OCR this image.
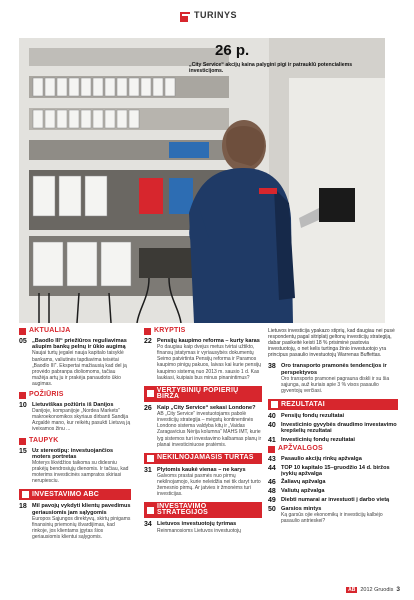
TURINYS
26 p.
„City Service“ akcijų kaina palygini pigi ir patrauklū potencialiems investicijoms.
AKTUALIJA
05 „Baodlo III“ priežiūros reguliavimas ašupim bankų pelnų ir ūkio augimą
Naujai turtų jegalei nauja kapitalo taisyklė bankams, valiutinės tapdiavima teisėtai „Baodlo III“. Ekspertai mažiausią kad del ją provėdo pabranpa dioliomoms, tačiau mažėja artų ju ir prakėja panaudoto ūkio augimas.
POŽIŪRIS
10 Lietuviškas požiūris iš Danijos
Danijoje, kompanijoje „Nordea Markets“ makroekonomikos skyriaus dirbanti Sandija Azgaldė mano, kur reikėtų pasukti Lietuvą ją iveixamos žinu ...
TAUPYK
15 Uz stereotipų: investuojančios moters portretas
Moterys likvidžios taikoma su didesniu prakėjų bendrosiųjų dienomis. Ir tačiau, kad moterims investicinės sampratos skiriasi nerupiesciu.
INVESTAVIMO ABC
18 Mil pavojų vykdyti klientų pavedimus geriausiomis jam sąlygomis
Europos Sąjungos direktyvų, skirtų pinigams finansinių priemonių išvardijimas, kad rinkoje, jos klientams įgytas šios geriausiomis klientui sąlygomis.
KRYPTIS
22 Pensijų kaupimo reforma – kurty karas
Po daugiau kaip dvejus metus tvirtai užtikto, finansų įstatymas ir vyriausybės dokumentų Seimo patvirtinta Pensijų reforma ir Paramos kaupimo pinigų pakuos, laivas kai kurie pensijų kaupimo sistemą nuo 2013 m. sausio 1 d. Kas laukiasi, kuipiais bus minus pinanintimus?
VERTYBINIŲ POPIERIŲ BIRŽA
26 Kaip „City Service“ sekasi Londone?
AB „City Service“ investuotojams pabolė investicijų strategija – mėgstų kontinentinės Londono sistema valdyba kitų ir „Vaidas Zaragavicius Nėrija kolumna“ MAHS IMT, kurie lyg sistemos turi investavimo kalbamas planų ir planai investiciniuose pratėmis.
NEKILNOJAMASIS TURTAS
31 Plytomis kaukė vienas – ne karys
Galvoms prastai pasmės nuo pirmų nekilnojamojo, kurie neleidžia nei tik daryt turto žemesnio pirmų. Ar jatvies ir žmonėms turi investicijas.
INVESTAVIMO STRATEGIJOS
34 Lietuvos investuotojų tyrimas
Reinmanosioms Lietuvos investuotojų
Lietuvos investicija ypakazo stiprių, kad daugiau nei pusė respondentų pagal sitriplatį geltonų investicijų strategiją, dabar pasikeitė keisti 18 % prisiminė pastovia investuotojų, o net kelis turtinga žinio investuotojo yra principus pasaulio investuotojų Warrenas Buffettas.
38 Oro transporto pramonės tendencijos ir perspektyvos
Oro transporto pramonei pagrauna diskli ir su šia sąjunga, auž kuriais apie 3 % visos pasaulio gyventojų verčiasi.
REZULTATAI
40 Pensijų fondų rezultatai
40 Investicinio gyvybės draudimo investavimo krepšelių rezultatai
41 Investicinių fondų rezultatai
APŽVALGOS
43 Pasaulio akcijų rinkų apžvalga
44 TOP 10 kapitalo 15–gruodžio 14 d. biržos įvykių apžvalga
46 Žaliavų apžvalga
48 Valiutų apžvalga
49 Diebti numarai ar investuoti į darbo vietą
50 Garsios mintys
Ką garsūs ojie ekonomikų ir investicijų kalbėjo pasaulio antrieskei?
AB 2012 Gruodis 3
